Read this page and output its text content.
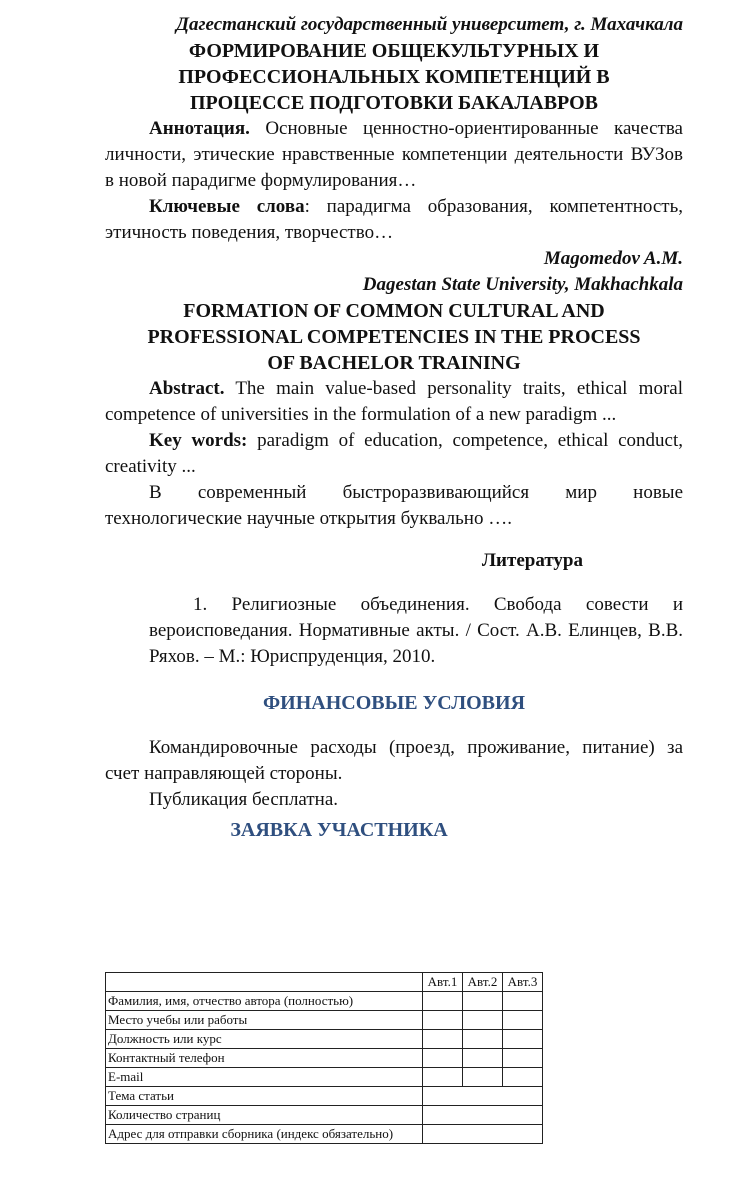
Дагестанский государственный университет, г. Махачкала

ФОРМИРОВАНИЕ ОБЩЕКУЛЬТУРНЫХ И

ПРОФЕССИОНАЛЬНЫХ КОМПЕТЕНЦИЙ В

ПРОЦЕССЕ ПОДГОТОВКИ БАКАЛАВРОВ

Аннотация. Основные ценностно-ориентированные качества личности, этические нравственные компетенции деятельности ВУЗов в новой парадигме формулирования…

Ключевые слова: парадигма образования, компетентность, этичность поведения, творчество…

Magomedov A.M.

Dagestan State University, Makhachkala

FORMATION OF COMMON CULTURAL AND

PROFESSIONAL COMPETENCIES IN THE PROCESS

OF BACHELOR TRAINING

Abstract. The main value-based personality traits, ethical moral competence of universities in the formulation of a new paradigm ...

Key words: paradigm of education, competence, ethical conduct, creativity ...

В современный быстроразвивающийся мир новые технологические научные открытия буквально ….

Литература

1. Религиозные объединения. Свобода совести и вероисповедания. Нормативные акты. / Сост. А.В. Елинцев, В.В. Ряхов. – М.: Юриспруденция, 2010.

ФИНАНСОВЫЕ УСЛОВИЯ

Командировочные расходы (проезд, проживание, питание) за счет направляющей стороны.

Публикация бесплатна.

ЗАЯВКА УЧАСТНИКА

	Авт.1	Авт.2	Авт.3
Фамилия, имя, отчество автора (полностью)			
Место учебы или работы			
Должность или курс			
Контактный телефон			
E-mail			
Тема статьи			
Количество страниц			
Адрес для отправки сборника (индекс обязательно)			
